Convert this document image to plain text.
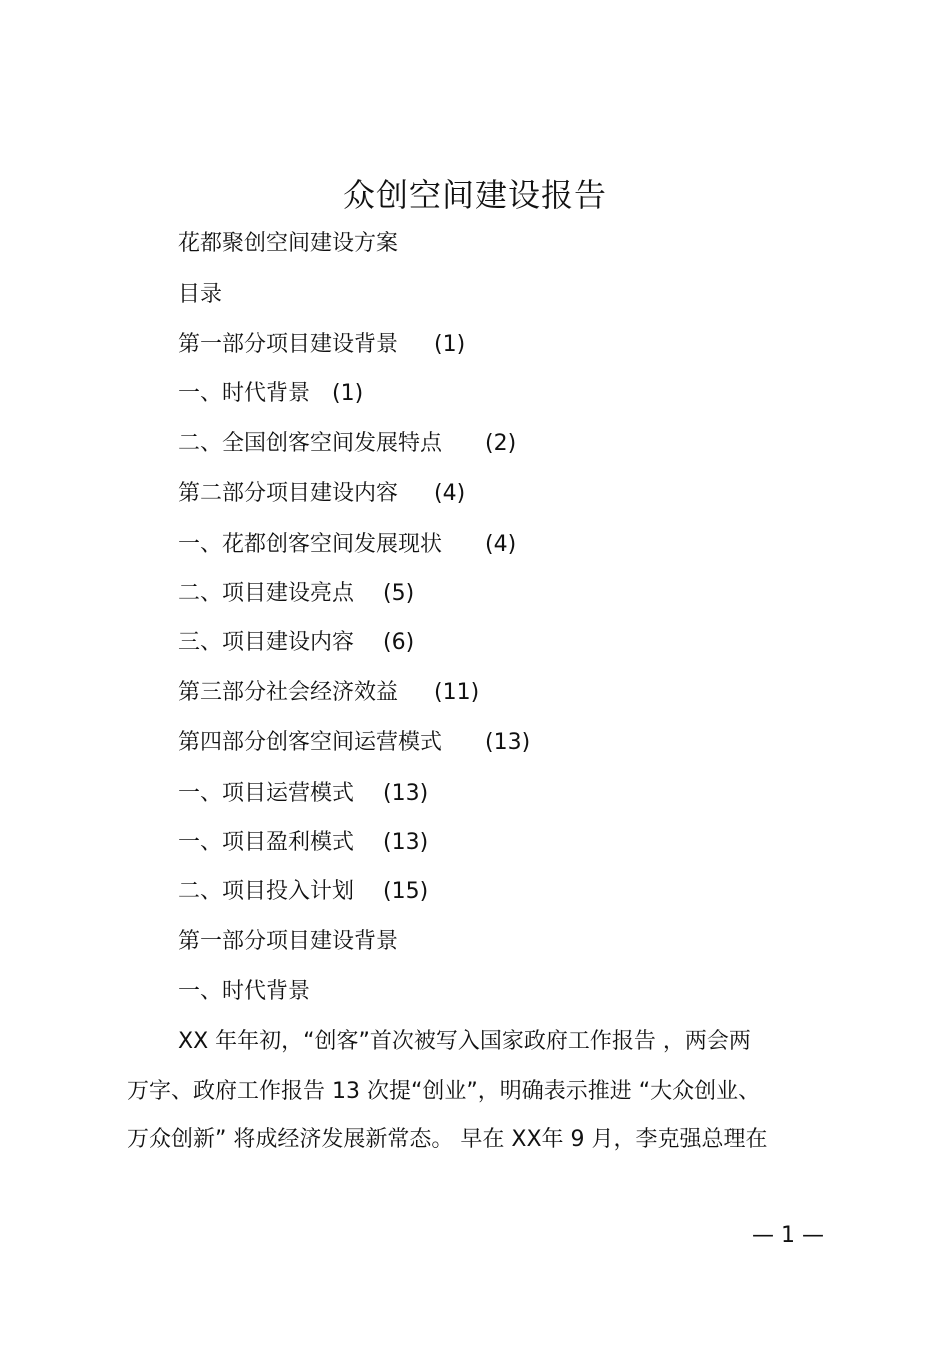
众创空间建设报告
花都聚创空间建设方案
目录
第一部分项目建设背景 (1)
一、时代背景 (1)
二、全国创客空间发展特点 (2)
第二部分项目建设内容 (4)
一、花都创客空间发展现状 (4)
二、项目建设亮点 (5)
三、项目建设内容 (6)
第三部分社会经济效益 (11)
第四部分创客空间运营模式 (13)
一、项目运营模式 (13)
一、项目盈利模式 (13)
二、项目投入计划 (15)
第一部分项目建设背景
一、时代背景
XX 年年初，“创客”首次被写入国家政府工作报告 ，两会两
万字、政府工作报告 13 次提“创业”，明确表示推进 “大众创业、
万众创新” 将成经济发展新常态。 早在 XX年 9 月，李克强总理在
— 1 —
